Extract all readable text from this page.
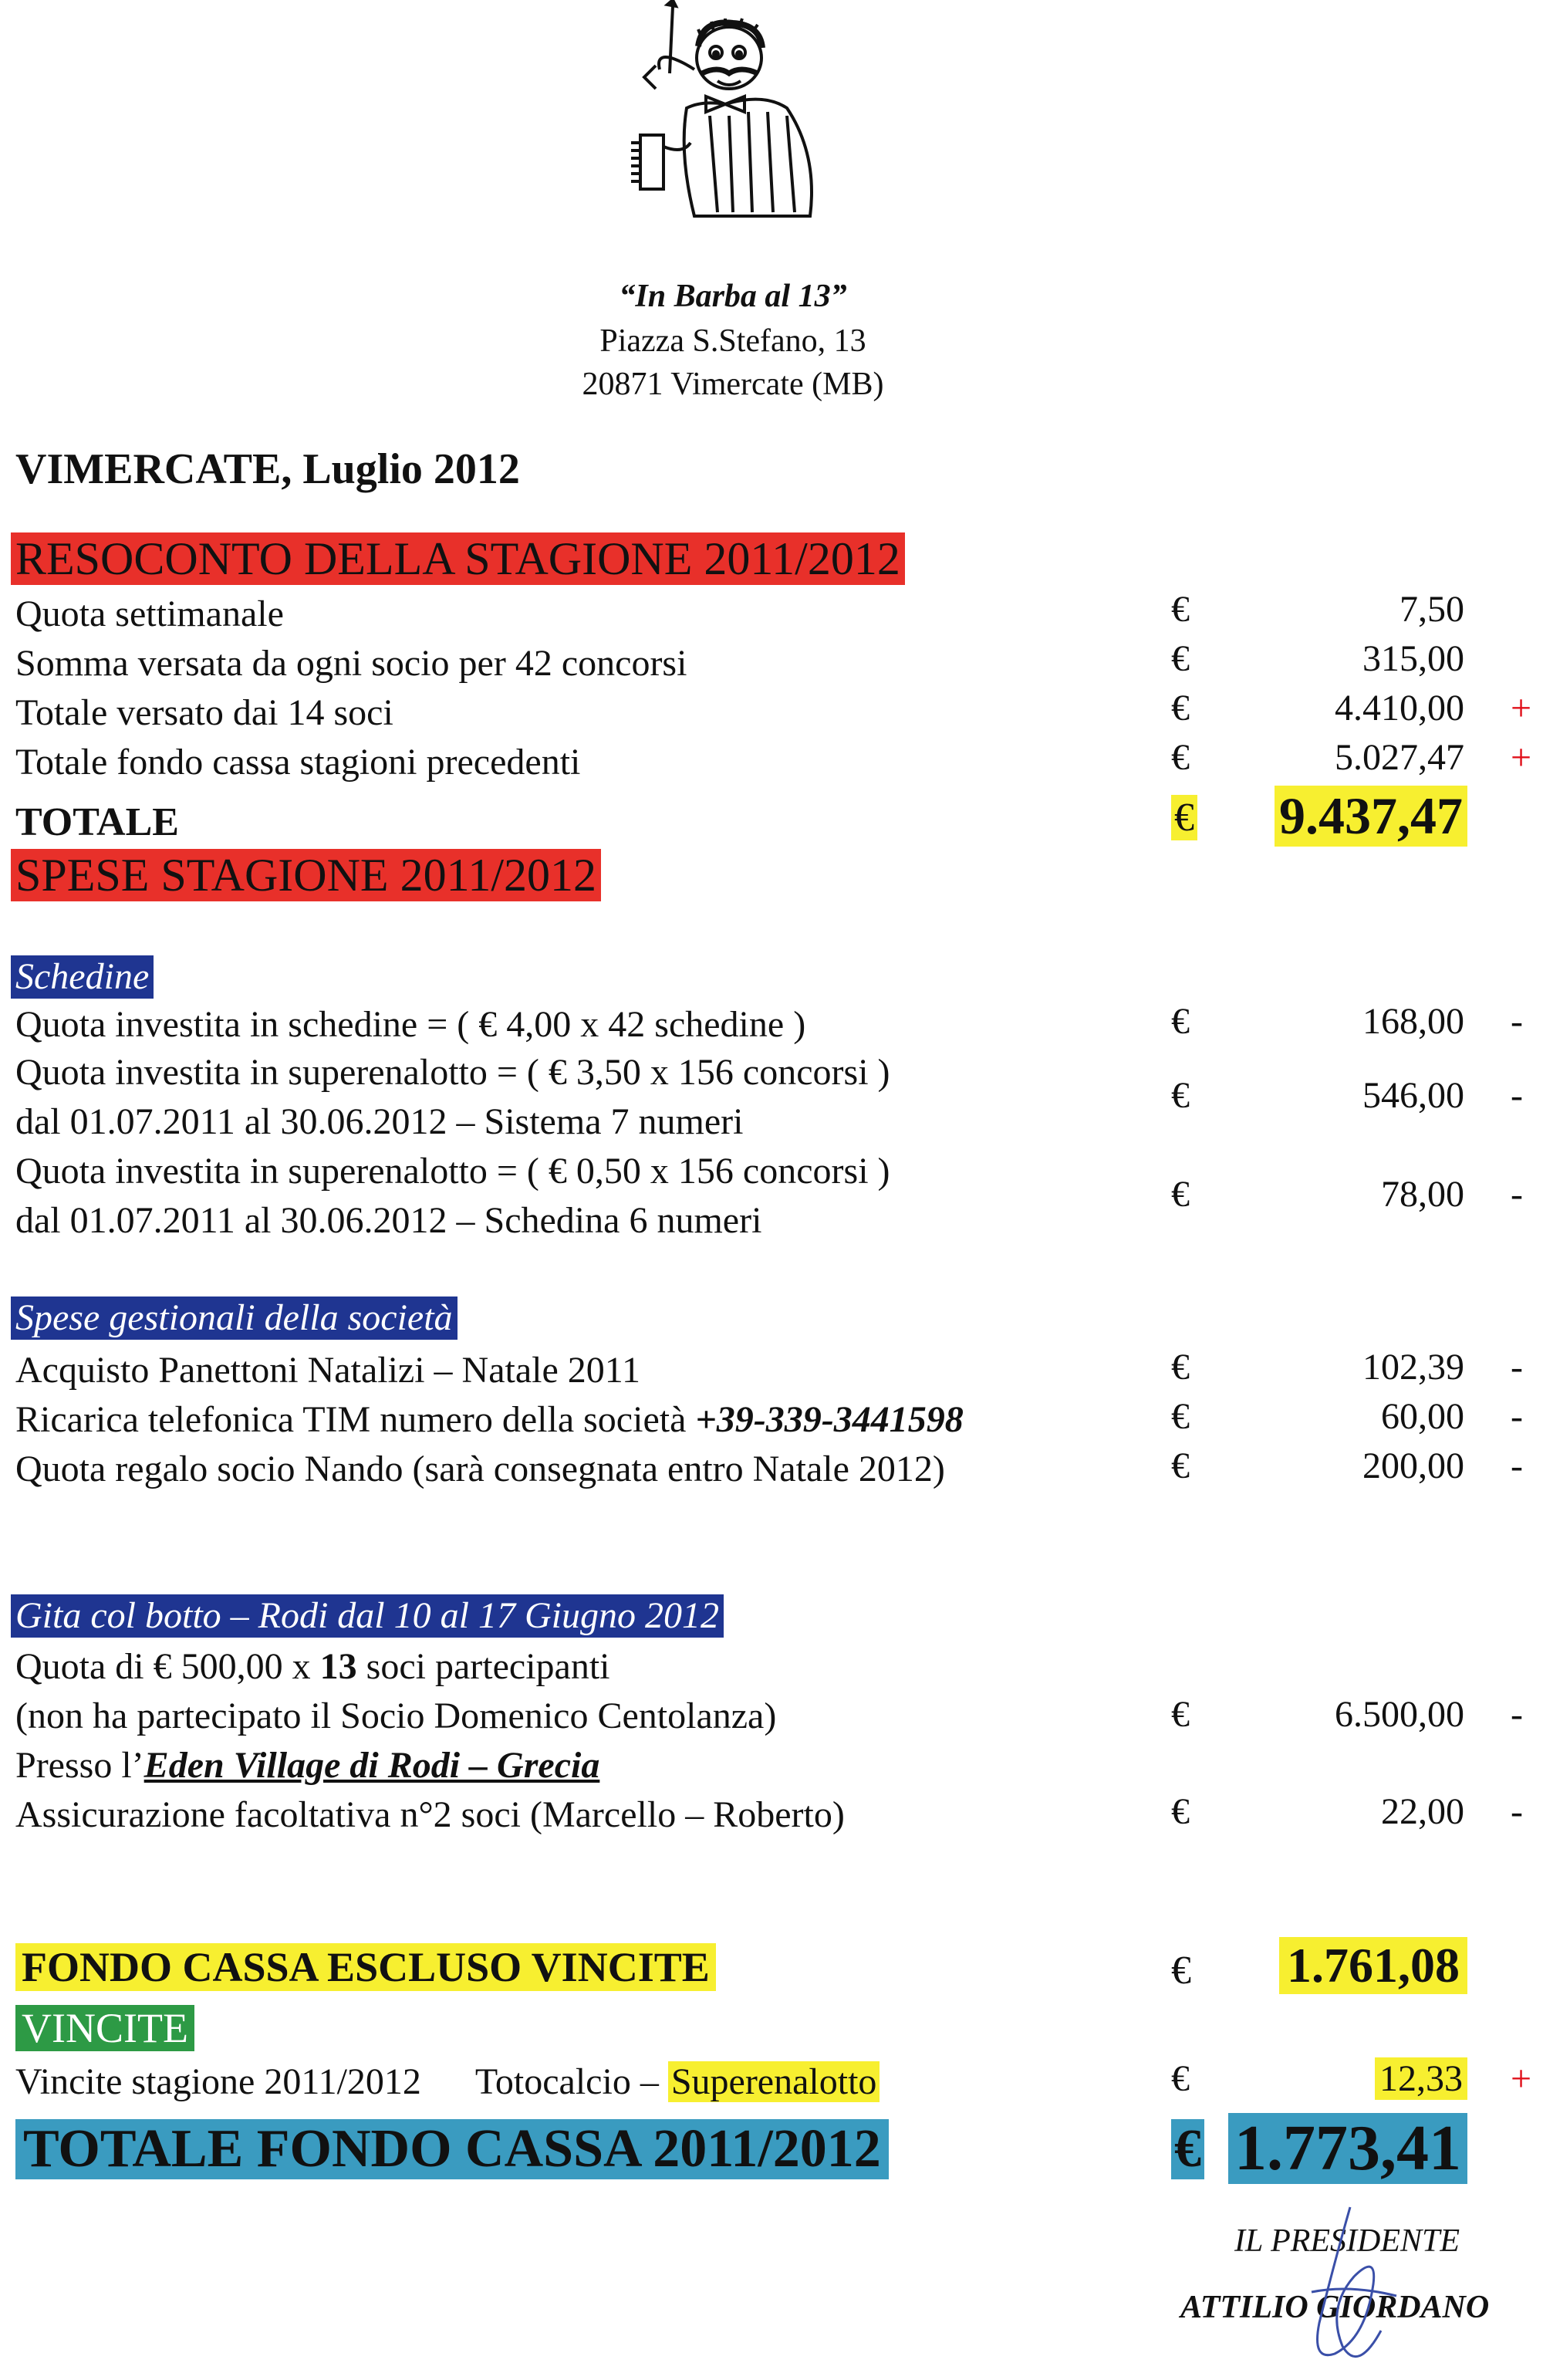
“In Barba al 13”
Piazza S.Stefano, 13
20871 Vimercate (MB)
VIMERCATE, Luglio 2012
RESOCONTO DELLA STAGIONE 2011/2012
Quota settimanale	€	7,50
Somma versata da ogni socio per 42 concorsi	€	315,00
Totale versato dai 14 soci	€	4.410,00 +
Totale fondo cassa stagioni precedenti	€	5.027,47 +
TOTALE	€ 9.437,47
SPESE STAGIONE 2011/2012
Schedine
Quota investita in schedine = ( € 4,00 x 42 schedine )	€	168,00 -
Quota investita in superenalotto = ( € 3,50 x 156 concorsi )
dal 01.07.2011 al 30.06.2012 – Sistema 7 numeri
€	546,00 -
Quota investita in superenalotto = ( € 0,50 x 156 concorsi )
dal 01.07.2011 al 30.06.2012 – Schedina 6 numeri
€	78,00 -
Spese gestionali della società
Acquisto Panettoni Natalizi – Natale 2011	€	102,39 -
Ricarica telefonica TIM numero della società +39-339-3441598	€	60,00 -
Quota regalo socio Nando (sarà consegnata entro Natale 2012)	€	200,00 -
Gita col botto – Rodi dal 10 al 17 Giugno 2012
Quota di € 500,00 x 13 soci partecipanti
(non ha partecipato il Socio Domenico Centolanza)
Presso l’Eden Village di Rodi – Grecia
€	6.500,00 -
Assicurazione facoltativa n°2 soci (Marcello – Roberto)	€	22,00 -
FONDO CASSA ESCLUSO VINCITE	€ 1.761,08
VINCITE
Vincite stagione 2011/2012 Totocalcio – Superenalotto	€	12,33 +
TOTALE FONDO CASSA 2011/2012	€ 1.773,41
IL PRESIDENTE
ATTILIO GIORDANO
